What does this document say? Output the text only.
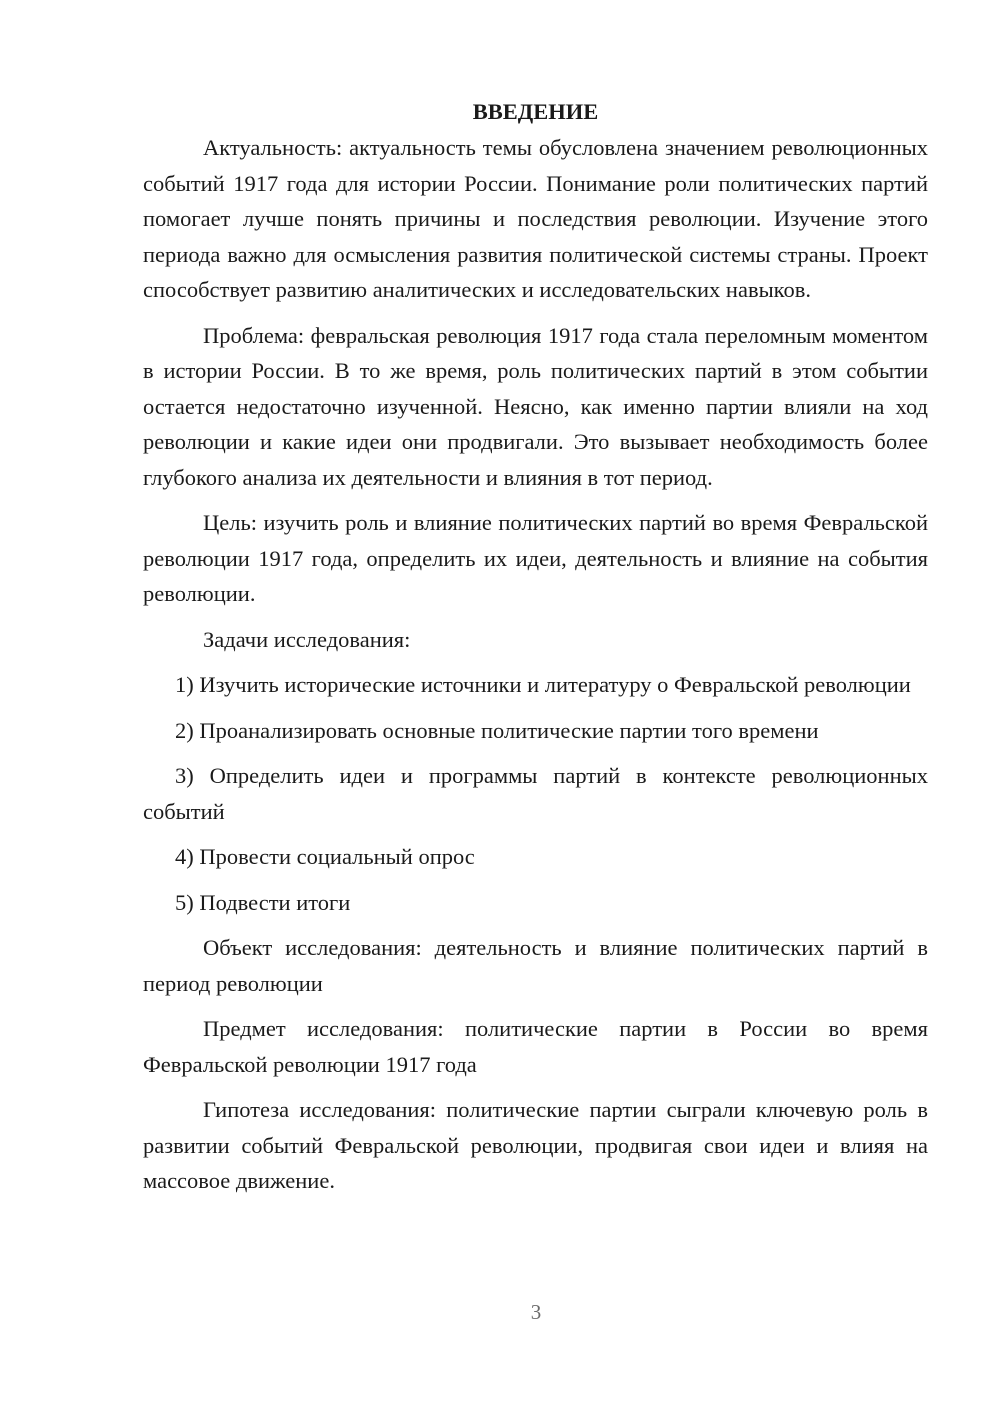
ВВЕДЕНИЕ

Актуальность: актуальность темы обусловлена значением революционных событий 1917 года для истории России. Понимание роли политических партий помогает лучше понять причины и последствия революции. Изучение этого периода важно для осмысления развития политической системы страны. Проект способствует развитию аналитических и исследовательских навыков.

Проблема: февральская революция 1917 года стала переломным моментом в истории России. В то же время, роль политических партий в этом событии остается недостаточно изученной. Неясно, как именно партии влияли на ход революции и какие идеи они продвигали. Это вызывает необходимость более глубокого анализа их деятельности и влияния в тот период.

Цель: изучить роль и влияние политических партий во время Февральской революции 1917 года, определить их идеи, деятельность и влияние на события революции.

Задачи исследования:

1) Изучить исторические источники и литературу о Февральской революции

2) Проанализировать основные политические партии того времени

3) Определить идеи и программы партий в контексте революционных событий

4) Провести социальный опрос

5) Подвести итоги

Объект исследования: деятельность и влияние политических партий в период революции

Предмет исследования: политические партии в России во время Февральской революции 1917 года

Гипотеза исследования: политические партии сыграли ключевую роль в развитии событий Февральской революции, продвигая свои идеи и влияя на массовое движение.

3
